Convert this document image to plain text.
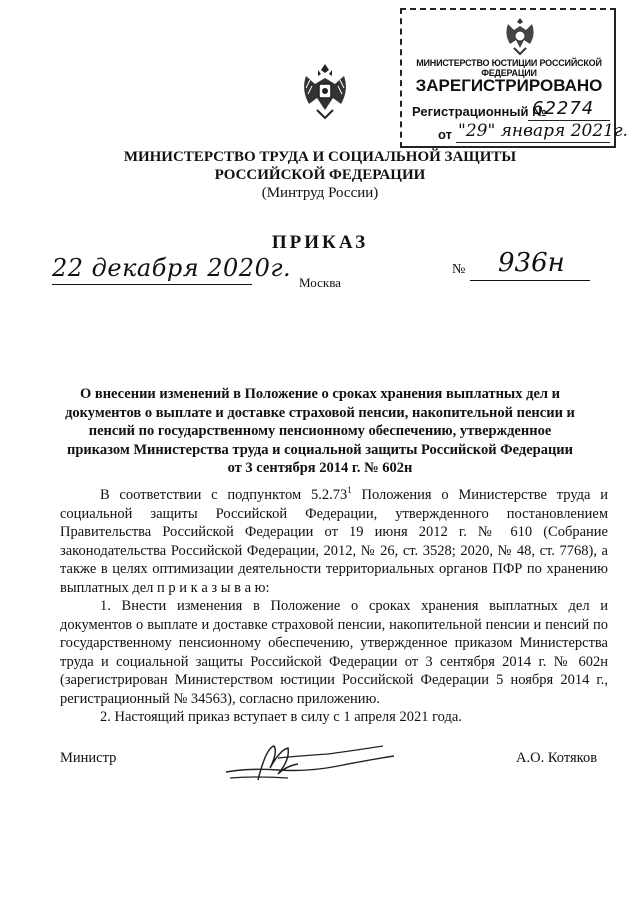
МИНИСТЕРСТВО ЮСТИЦИИ РОССИЙСКОЙ ФЕДЕРАЦИИ
ЗАРЕГИСТРИРОВАНО
Регистрационный №
62274
от "29" января 2021г.
МИНИСТЕРСТВО ТРУДА И СОЦИАЛЬНОЙ ЗАЩИТЫ
РОССИЙСКОЙ ФЕДЕРАЦИИ
(Минтруд России)
ПРИКАЗ
22 декабря 2020г.
Москва
№ 936н
О внесении изменений в Положение о сроках хранения выплатных дел и
документов о выплате и доставке страховой пенсии, накопительной пенсии и
пенсий по государственному пенсионному обеспечению, утвержденное
приказом Министерства труда и социальной защиты Российской Федерации
от 3 сентября 2014 г. № 602н

В соответствии с подпунктом 5.2.73$^1$ Положения о Министерстве труда и социальной защиты Российской Федерации, утвержденного постановлением Правительства Российской Федерации от 19 июня 2012 г. № 610 (Собрание законодательства Российской Федерации, 2012, № 26, ст. 3528; 2020, № 48, ст. 7768), а также в целях оптимизации деятельности территориальных органов ПФР по хранению выплатных дел п р и к а з ы в а ю:

1. Внести изменения в Положение о сроках хранения выплатных дел и документов о выплате и доставке страховой пенсии, накопительной пенсии и пенсий по государственному пенсионному обеспечению, утвержденное приказом Министерства труда и социальной защиты Российской Федерации от 3 сентября 2014 г. № 602н (зарегистрирован Министерством юстиции Российской Федерации 5 ноября 2014 г., регистрационный № 34563), согласно приложению.

2. Настоящий приказ вступает в силу с 1 апреля 2021 года.

Министр	А.О. Котяков
